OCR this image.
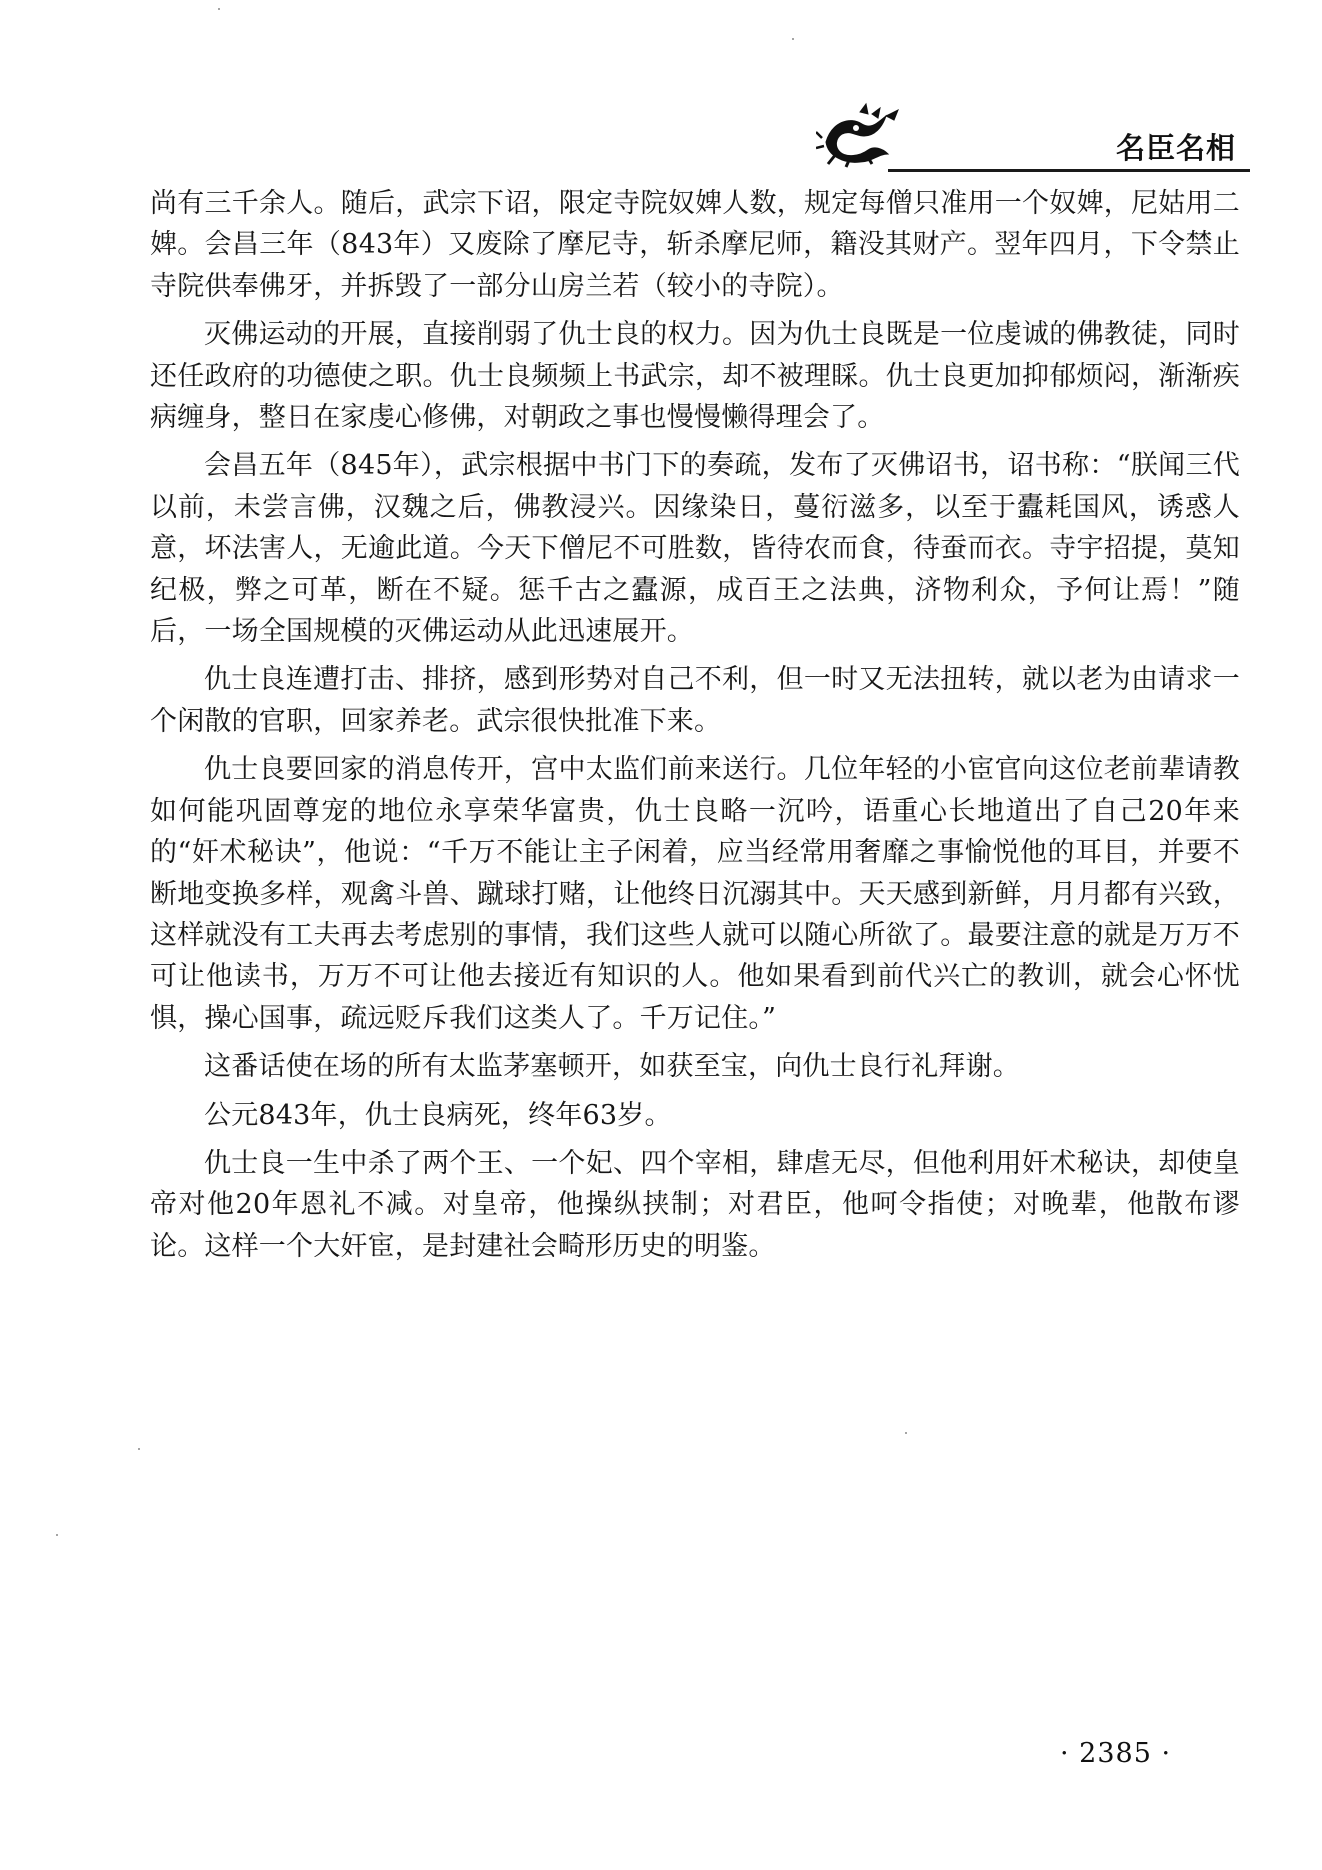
名臣名相

尚有三千余人。随后，武宗下诏，限定寺院奴婢人数，规定每僧只准用一个奴婢，尼姑用二婢。会昌三年（843年）又废除了摩尼寺，斩杀摩尼师，籍没其财产。翌年四月，下令禁止寺院供奉佛牙，并拆毁了一部分山房兰若（较小的寺院）。

灭佛运动的开展，直接削弱了仇士良的权力。因为仇士良既是一位虔诚的佛教徒，同时还任政府的功德使之职。仇士良频频上书武宗，却不被理睬。仇士良更加抑郁烦闷，渐渐疾病缠身，整日在家虔心修佛，对朝政之事也慢慢懒得理会了。

会昌五年（845年），武宗根据中书门下的奏疏，发布了灭佛诏书，诏书称：“朕闻三代以前，未尝言佛，汉魏之后，佛教浸兴。因缘染日，蔓衍滋多，以至于蠹耗国风，诱惑人意，坏法害人，无逾此道。今天下僧尼不可胜数，皆待农而食，待蚕而衣。寺宇招提，莫知纪极，弊之可革，断在不疑。惩千古之蠹源，成百王之法典，济物利众，予何让焉！”随后，一场全国规模的灭佛运动从此迅速展开。

仇士良连遭打击、排挤，感到形势对自己不利，但一时又无法扭转，就以老为由请求一个闲散的官职，回家养老。武宗很快批准下来。

仇士良要回家的消息传开，宫中太监们前来送行。几位年轻的小宦官向这位老前辈请教如何能巩固尊宠的地位永享荣华富贵，仇士良略一沉吟，语重心长地道出了自己20年来的“奸术秘诀”，他说：“千万不能让主子闲着，应当经常用奢靡之事愉悦他的耳目，并要不断地变换多样，观禽斗兽、蹴球打赌，让他终日沉溺其中。天天感到新鲜，月月都有兴致，这样就没有工夫再去考虑别的事情，我们这些人就可以随心所欲了。最要注意的就是万万不可让他读书，万万不可让他去接近有知识的人。他如果看到前代兴亡的教训，就会心怀忧惧，操心国事，疏远贬斥我们这类人了。千万记住。”

这番话使在场的所有太监茅塞顿开，如获至宝，向仇士良行礼拜谢。

公元843年，仇士良病死，终年63岁。

仇士良一生中杀了两个王、一个妃、四个宰相，肆虐无尽，但他利用奸术秘诀，却使皇帝对他20年恩礼不减。对皇帝，他操纵挟制；对君臣，他呵令指使；对晚辈，他散布谬论。这样一个大奸宦，是封建社会畸形历史的明鉴。

· 2385 ·
